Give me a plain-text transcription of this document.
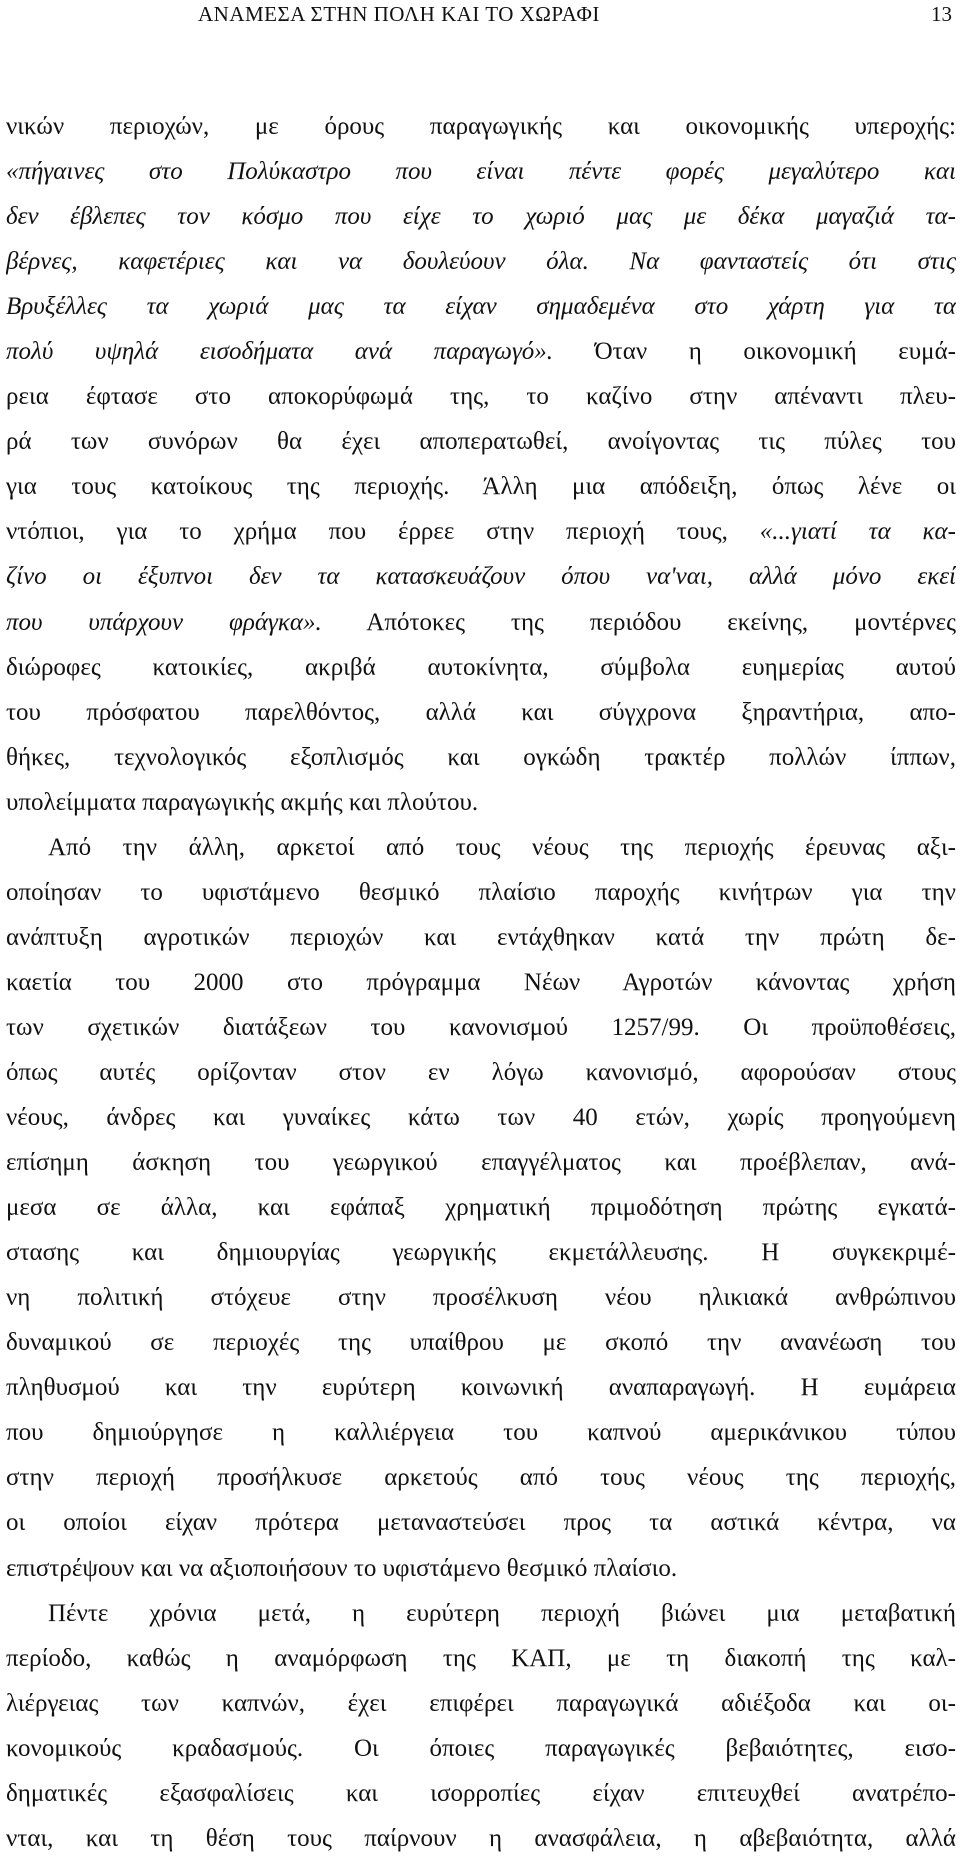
ΑΝΑΜΕΣΑ ΣΤΗΝ ΠΟΛΗ ΚΑΙ ΤΟ ΧΩΡΑΦΙ	13

νικών περιοχών, με όρους παραγωγικής και οικονομικής υπεροχής:
«πήγαινες στο Πολύκαστρο που είναι πέντε φορές μεγαλύτερο και
δεν έβλεπες τον κόσμο που είχε το χωριό μας με δέκα μαγαζιά τα-
βέρνες, καφετέριες και να δουλεύουν όλα. Να φανταστείς ότι στις
Βρυξέλλες τα χωριά μας τα είχαν σημαδεμένα στο χάρτη για τα
πολύ υψηλά εισοδήματα ανά παραγωγό». Όταν η οικονομική ευμά-
ρεια έφτασε στο αποκορύφωμά της, το καζίνο στην απέναντι πλευ-
ρά των συνόρων θα έχει αποπερατωθεί, ανοίγοντας τις πύλες του
για τους κατοίκους της περιοχής. Άλλη μια απόδειξη, όπως λένε οι
ντόπιοι, για το χρήμα που έρρεε στην περιοχή τους, «...γιατί τα κα-
ζίνο οι έξυπνοι δεν τα κατασκευάζουν όπου να'ναι, αλλά μόνο εκεί
που υπάρχουν φράγκα». Απότοκες της περιόδου εκείνης, μοντέρνες
διώροφες κατοικίες, ακριβά αυτοκίνητα, σύμβολα ευημερίας αυτού
του πρόσφατου παρελθόντος, αλλά και σύγχρονα ξηραντήρια, απο-
θήκες, τεχνολογικός εξοπλισμός και ογκώδη τρακτέρ πολλών ίππων,
υπολείμματα παραγωγικής ακμής και πλούτου.

Από την άλλη, αρκετοί από τους νέους της περιοχής έρευνας αξι-
οποίησαν το υφιστάμενο θεσμικό πλαίσιο παροχής κινήτρων για την
ανάπτυξη αγροτικών περιοχών και εντάχθηκαν κατά την πρώτη δε-
καετία του 2000 στο πρόγραμμα Νέων Αγροτών κάνοντας χρήση
των σχετικών διατάξεων του κανονισμού 1257/99. Οι προϋποθέσεις,
όπως αυτές ορίζονταν στον εν λόγω κανονισμό, αφορούσαν στους
νέους, άνδρες και γυναίκες κάτω των 40 ετών, χωρίς προηγούμενη
επίσημη άσκηση του γεωργικού επαγγέλματος και προέβλεπαν, ανά-
μεσα σε άλλα, και εφάπαξ χρηματική πριμοδότηση πρώτης εγκατά-
στασης και δημιουργίας γεωργικής εκμετάλλευσης. Η συγκεκριμέ-
νη πολιτική στόχευε στην προσέλκυση νέου ηλικιακά ανθρώπινου
δυναμικού σε περιοχές της υπαίθρου με σκοπό την ανανέωση του
πληθυσμού και την ευρύτερη κοινωνική αναπαραγωγή. Η ευμάρεια
που δημιούργησε η καλλιέργεια του καπνού αμερικάνικου τύπου
στην περιοχή προσήλκυσε αρκετούς από τους νέους της περιοχής,
οι οποίοι είχαν πρότερα μεταναστεύσει προς τα αστικά κέντρα, να
επιστρέψουν και να αξιοποιήσουν το υφιστάμενο θεσμικό πλαίσιο.

Πέντε χρόνια μετά, η ευρύτερη περιοχή βιώνει μια μεταβατική
περίοδο, καθώς η αναμόρφωση της ΚΑΠ, με τη διακοπή της καλ-
λιέργειας των καπνών, έχει επιφέρει παραγωγικά αδιέξοδα και οι-
κονομικούς κραδασμούς. Οι όποιες παραγωγικές βεβαιότητες, εισο-
δηματικές εξασφαλίσεις και ισορροπίες είχαν επιτευχθεί ανατρέπο-
νται, και τη θέση τους παίρνουν η ανασφάλεια, η αβεβαιότητα, αλλά
